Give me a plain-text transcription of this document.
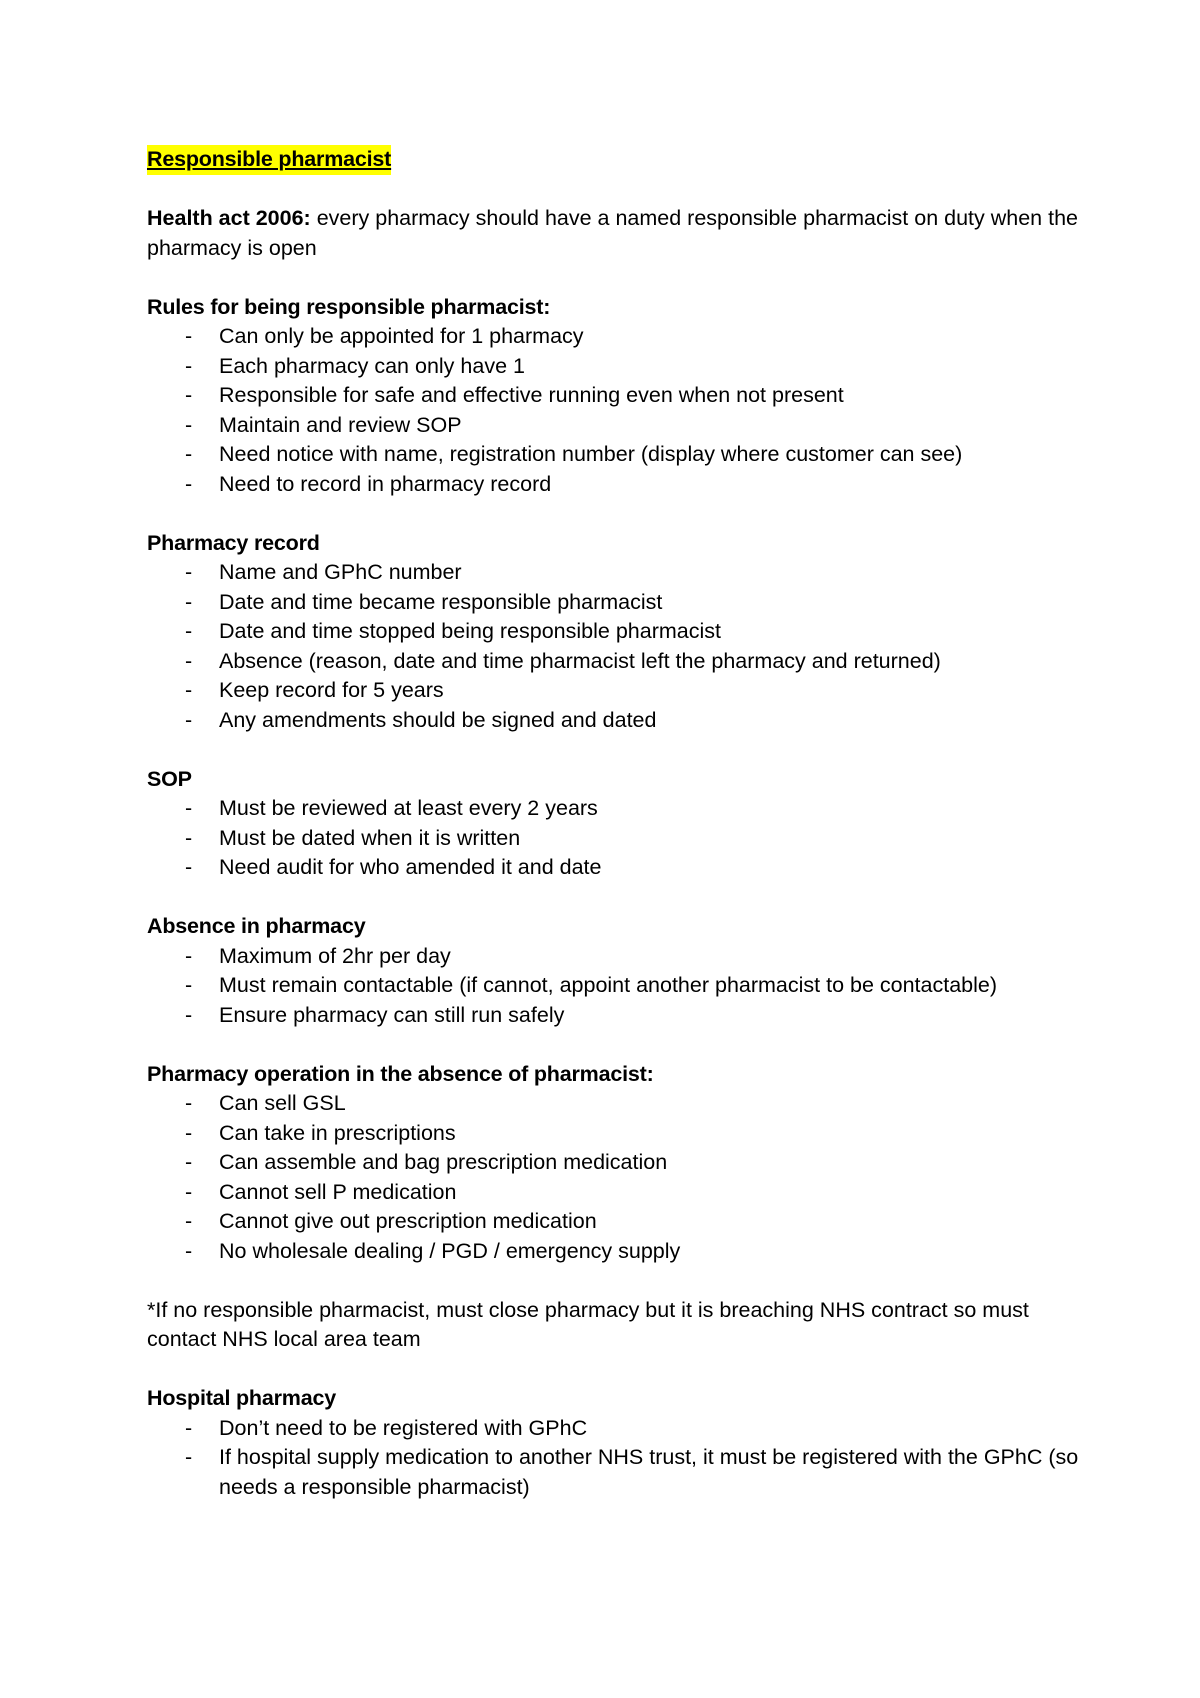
Responsible pharmacist

Health act 2006: every pharmacy should have a named responsible pharmacist on duty when the pharmacy is open

Rules for being responsible pharmacist:

- Can only be appointed for 1 pharmacy
- Each pharmacy can only have 1
- Responsible for safe and effective running even when not present
- Maintain and review SOP
- Need notice with name, registration number (display where customer can see)
- Need to record in pharmacy record

Pharmacy record

- Name and GPhC number
- Date and time became responsible pharmacist
- Date and time stopped being responsible pharmacist
- Absence (reason, date and time pharmacist left the pharmacy and returned)
- Keep record for 5 years
- Any amendments should be signed and dated

SOP

- Must be reviewed at least every 2 years
- Must be dated when it is written
- Need audit for who amended it and date

Absence in pharmacy

- Maximum of 2hr per day
- Must remain contactable (if cannot, appoint another pharmacist to be contactable)
- Ensure pharmacy can still run safely

Pharmacy operation in the absence of pharmacist:

- Can sell GSL
- Can take in prescriptions
- Can assemble and bag prescription medication
- Cannot sell P medication
- Cannot give out prescription medication
- No wholesale dealing / PGD / emergency supply

*If no responsible pharmacist, must close pharmacy but it is breaching NHS contract so must contact NHS local area team

Hospital pharmacy

- Don’t need to be registered with GPhC
- If hospital supply medication to another NHS trust, it must be registered with the GPhC (so needs a responsible pharmacist)
